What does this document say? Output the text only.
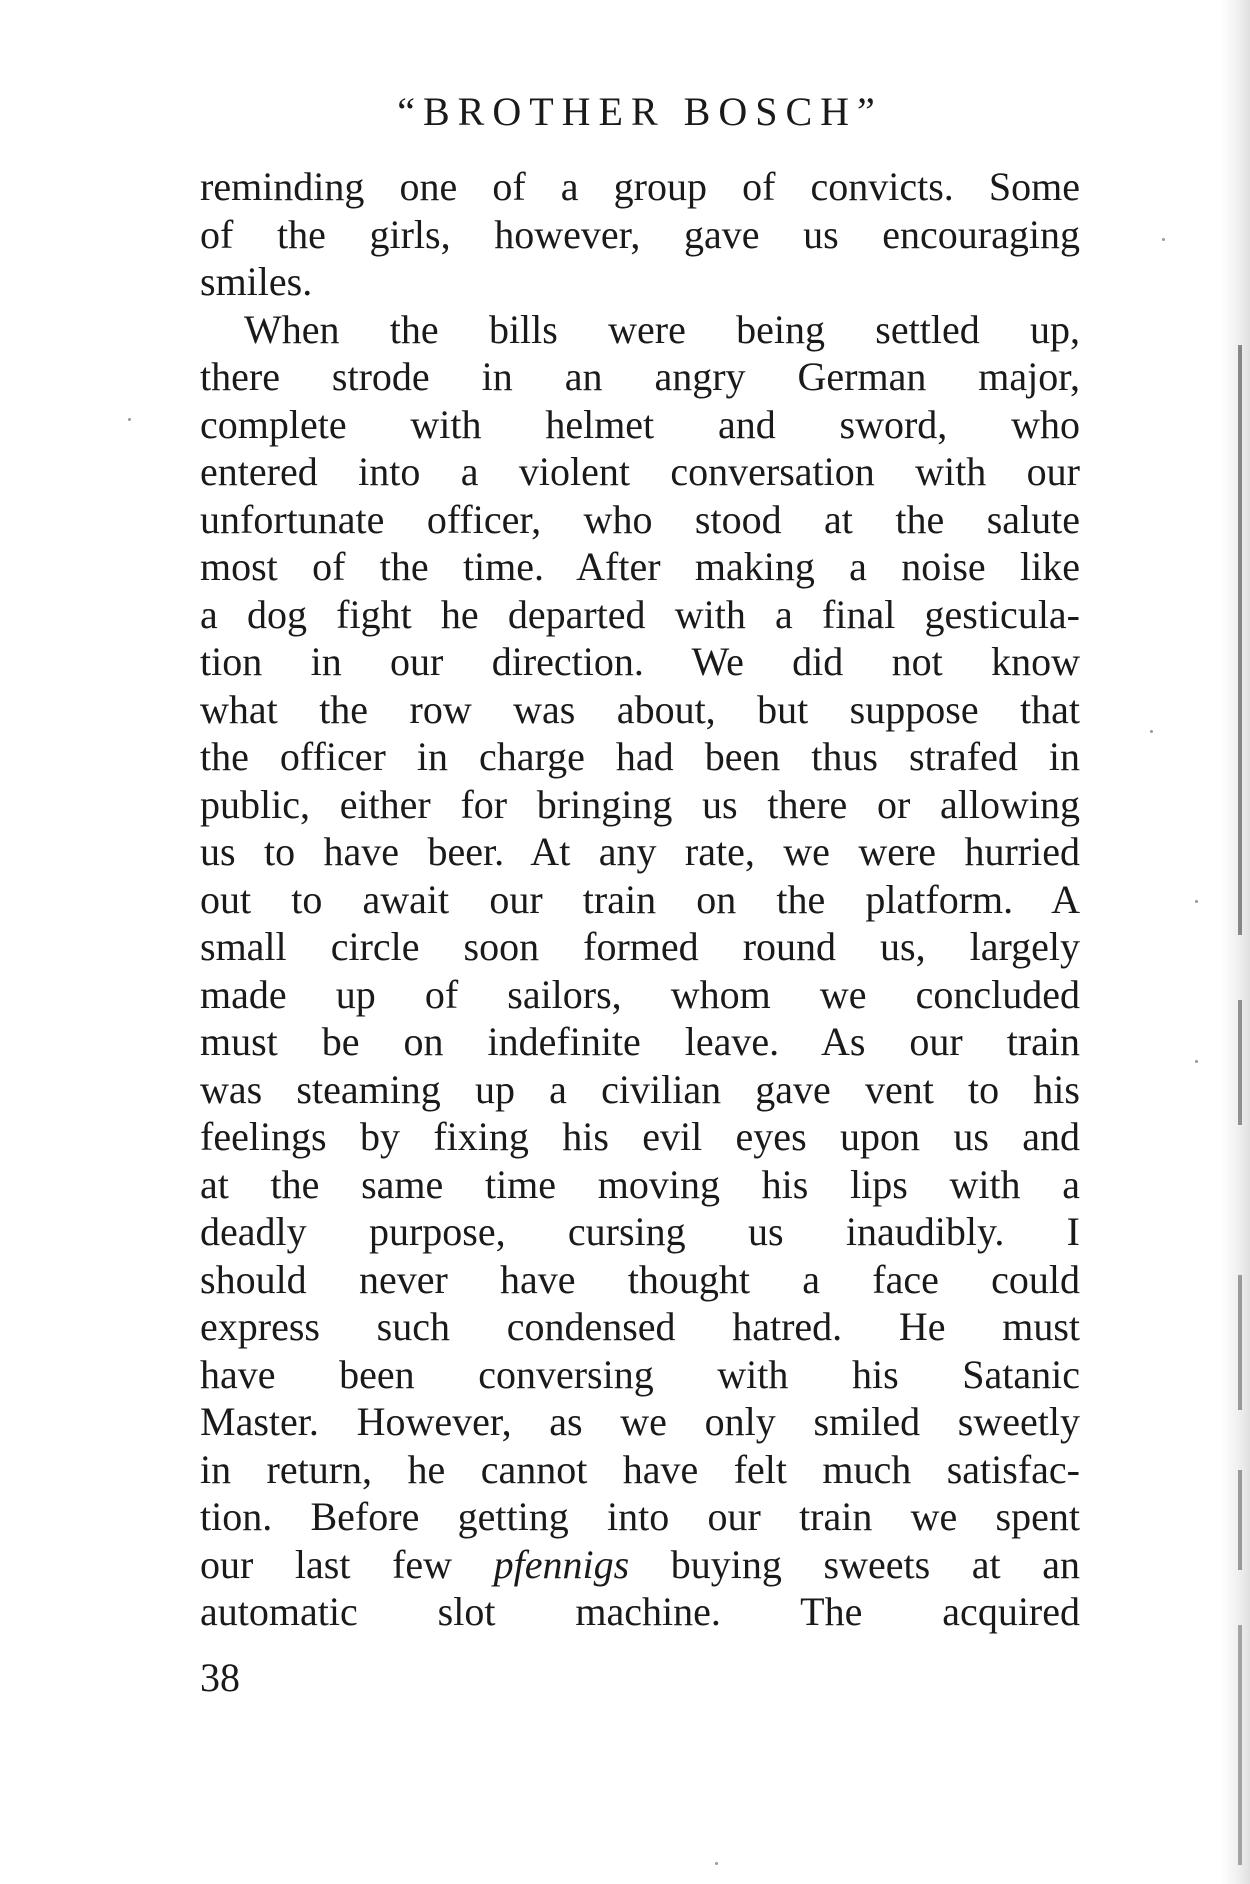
“BROTHER BOSCH”
reminding one of a group of convicts. Some
of the girls, however, gave us encouraging
smiles.
When the bills were being settled up,
there strode in an angry German major,
complete with helmet and sword, who
entered into a violent conversation with our
unfortunate officer, who stood at the salute
most of the time. After making a noise like
a dog fight he departed with a final gesticula-
tion in our direction. We did not know
what the row was about, but suppose that
the officer in charge had been thus strafed in
public, either for bringing us there or allowing
us to have beer. At any rate, we were hurried
out to await our train on the platform. A
small circle soon formed round us, largely
made up of sailors, whom we concluded
must be on indefinite leave. As our train
was steaming up a civilian gave vent to his
feelings by fixing his evil eyes upon us and
at the same time moving his lips with a
deadly purpose, cursing us inaudibly. I
should never have thought a face could
express such condensed hatred. He must
have been conversing with his Satanic
Master. However, as we only smiled sweetly
in return, he cannot have felt much satisfac-
tion. Before getting into our train we spent
our last few pfennigs buying sweets at an
automatic slot machine. The acquired
38
